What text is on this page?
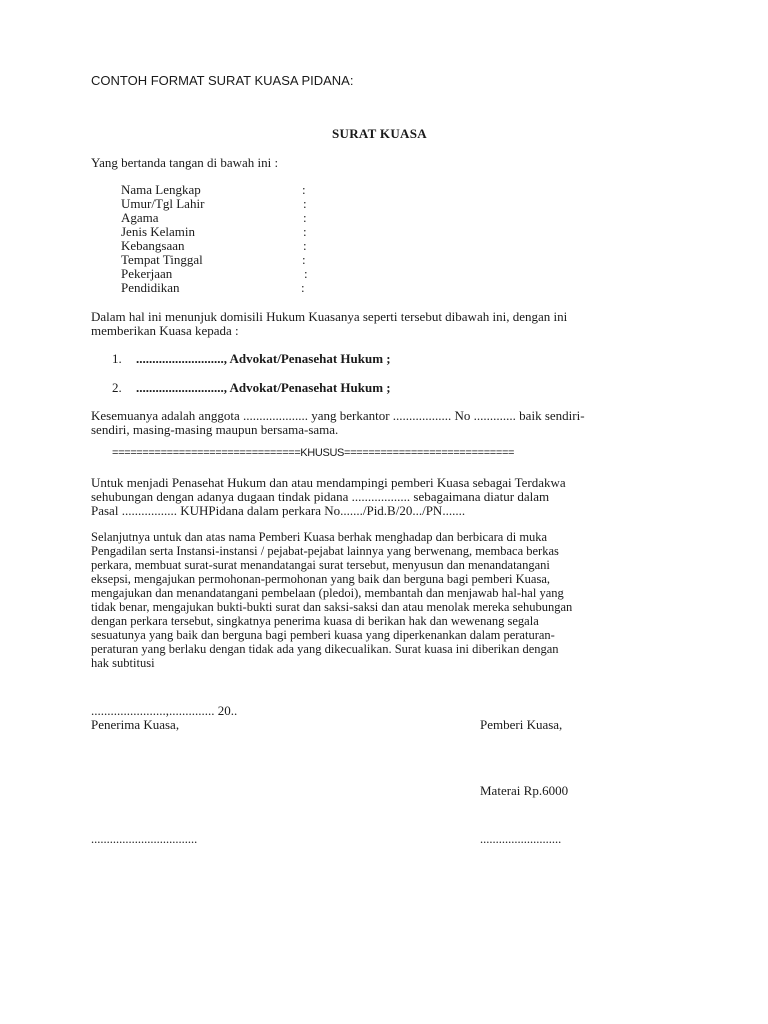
CONTOH FORMAT SURAT KUASA PIDANA:
SURAT KUASA
Yang bertanda tangan di bawah ini :
Nama Lengkap	:
Umur/Tgl Lahir	:
Agama	:
Jenis Kelamin	:
Kebangsaan	:
Tempat Tinggal	:
Pekerjaan	:
Pendidikan	:
Dalam hal ini menunjuk domisili Hukum Kuasanya seperti tersebut dibawah ini, dengan ini
memberikan Kuasa kepada :
1. ..........................., Advokat/Penasehat Hukum ;
2. ..........................., Advokat/Penasehat Hukum ;
Kesemuanya adalah anggota .................... yang berkantor .................. No ............. baik sendiri-
sendiri, masing-masing maupun bersama-sama.
===============================KHUSUS============================
Untuk menjadi Penasehat Hukum dan atau mendampingi pemberi Kuasa sebagai Terdakwa
sehubungan dengan adanya dugaan tindak pidana .................. sebagaimana diatur dalam
Pasal ................. KUHPidana dalam perkara No......./Pid.B/20.../PN.......
Selanjutnya untuk dan atas nama Pemberi Kuasa berhak menghadap dan berbicara di muka
Pengadilan serta Instansi-instansi / pejabat-pejabat lainnya yang berwenang, membaca berkas
perkara, membuat surat-surat menandatangai surat tersebut, menyusun dan menandatangani
eksepsi, mengajukan permohonan-permohonan yang baik dan berguna bagi pemberi Kuasa,
mengajukan dan menandatangani pembelaan (pledoi), membantah dan menjawab hal-hal yang
tidak benar, mengajukan bukti-bukti surat dan saksi-saksi dan atau menolak mereka sehubungan
dengan perkara tersebut, singkatnya penerima kuasa di berikan hak dan wewenang segala
sesuatunya yang baik dan berguna bagi pemberi kuasa yang diperkenankan dalam peraturan-
peraturan yang berlaku dengan tidak ada yang dikecualikan. Surat kuasa ini diberikan dengan
hak subtitusi
.......................,.............. 20..
Penerima Kuasa,	Pemberi Kuasa,
Materai Rp.6000
..................................	..........................
